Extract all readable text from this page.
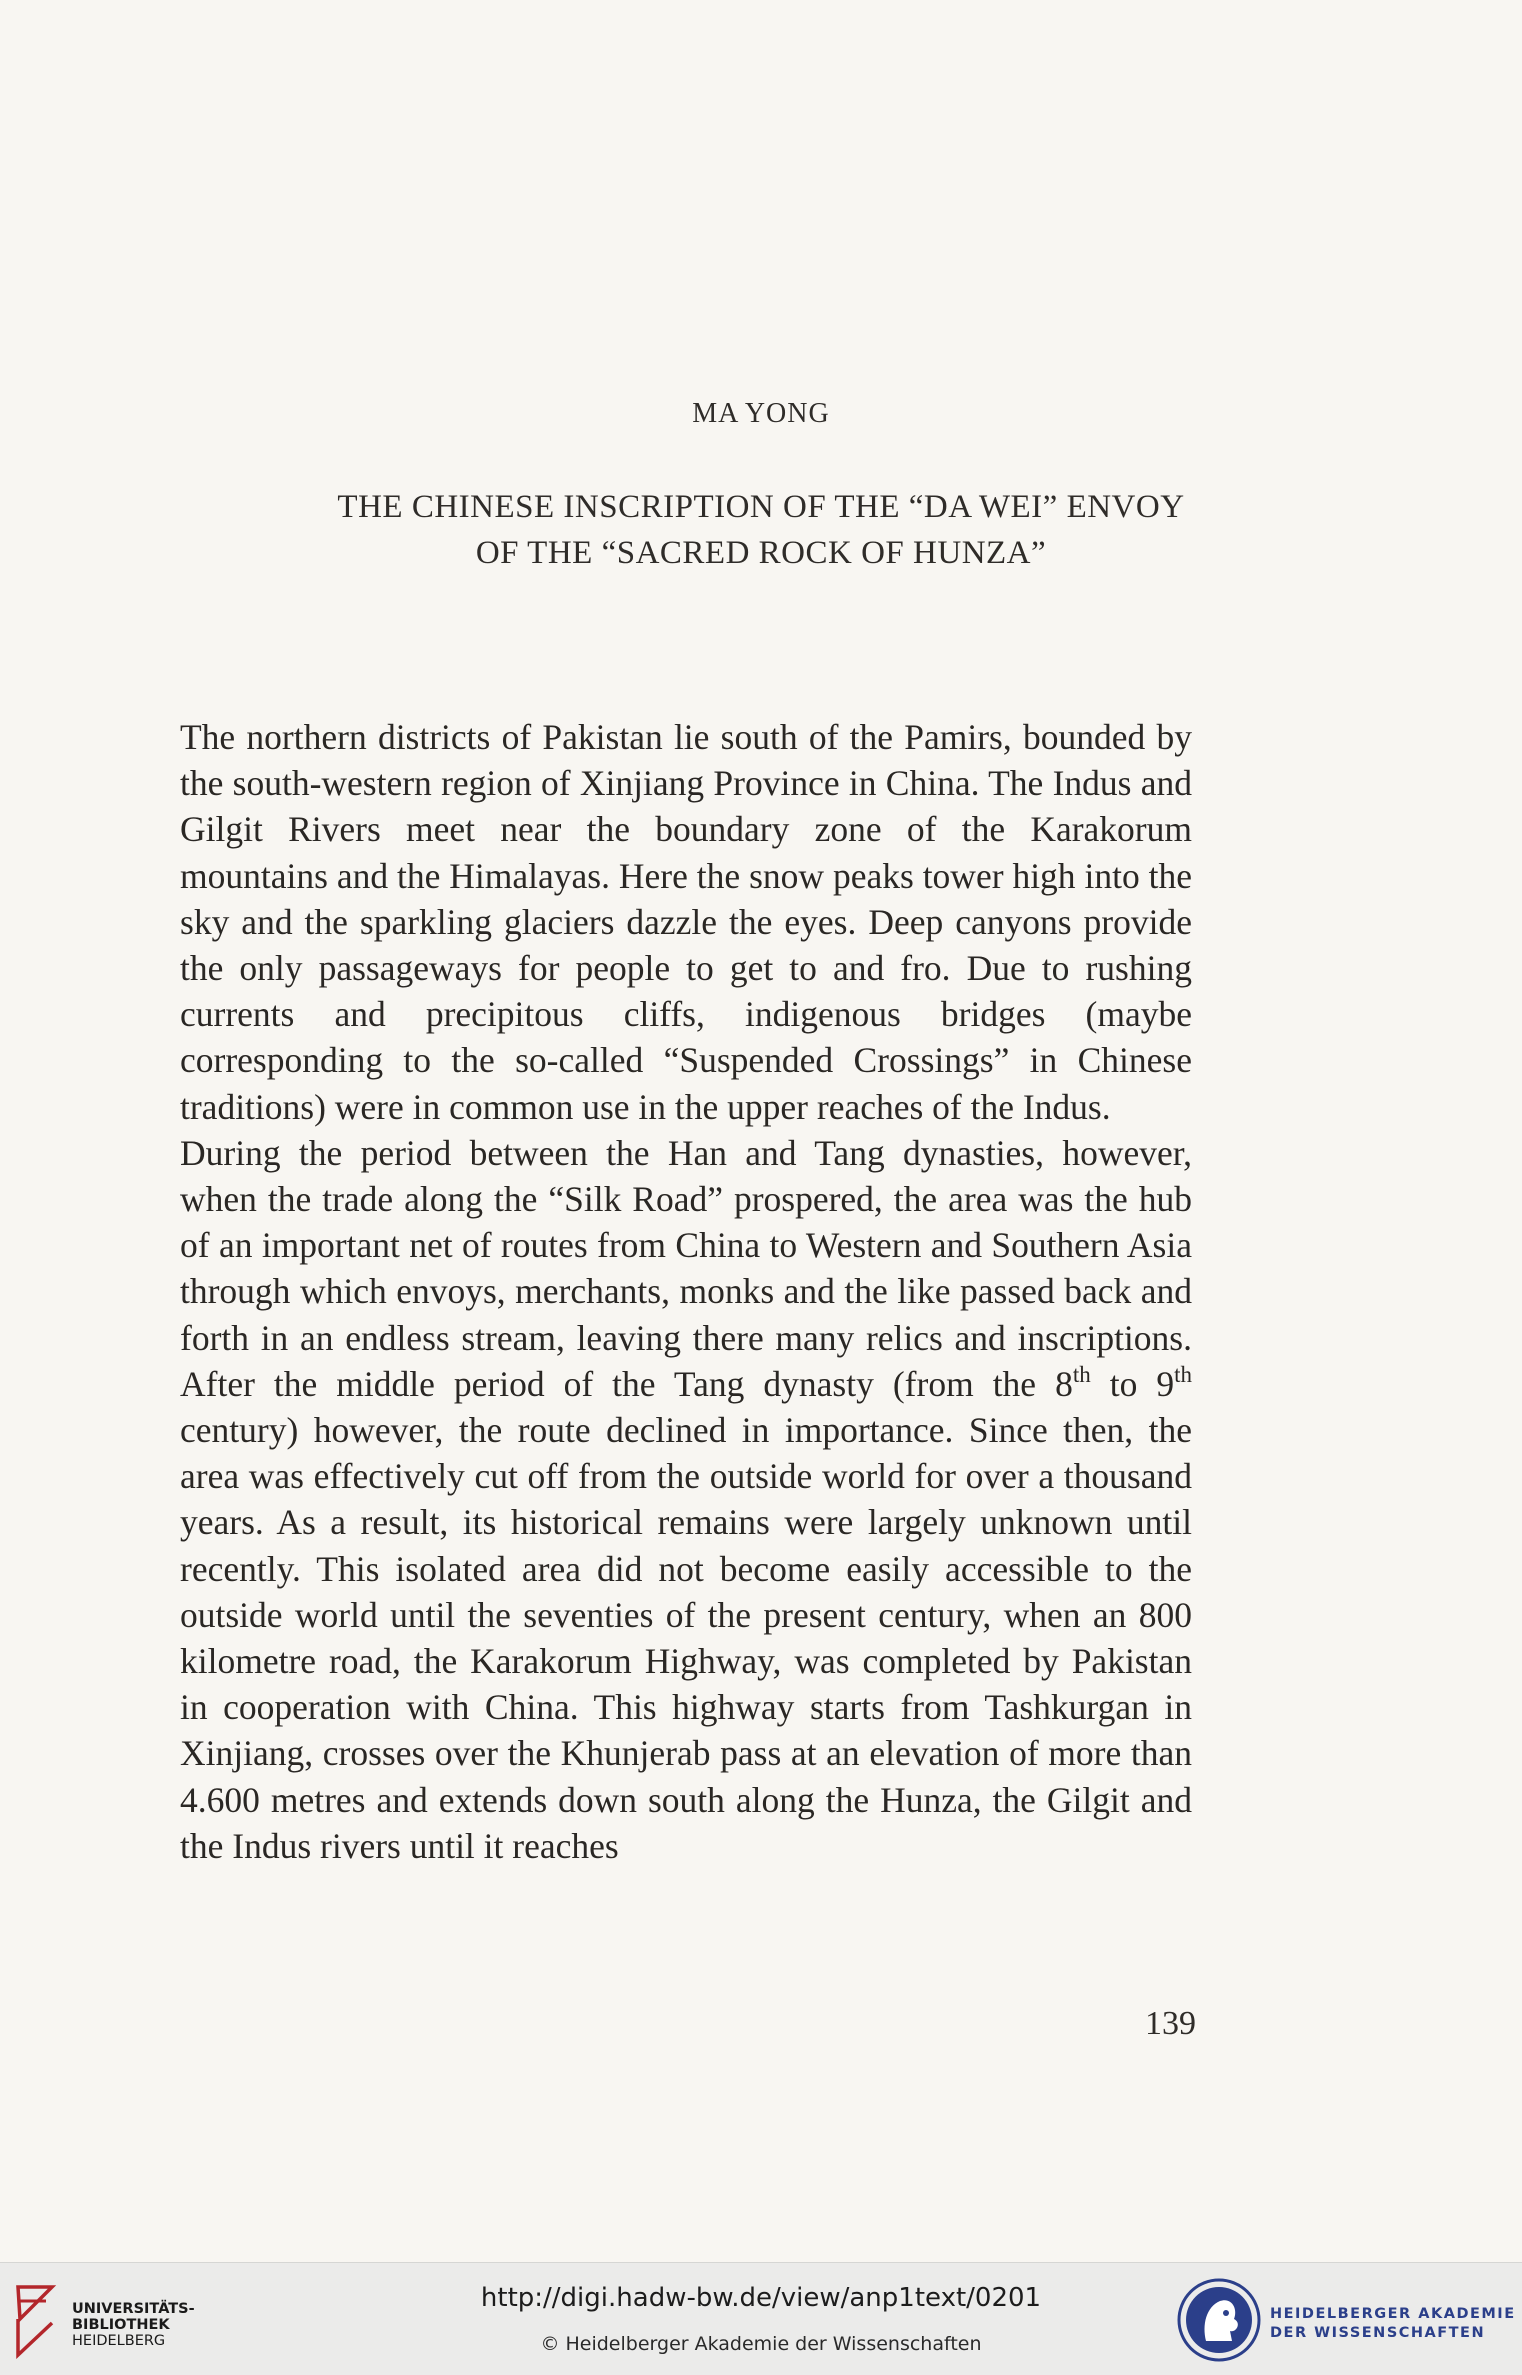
MA YONG
THE CHINESE INSCRIPTION OF THE “DA WEI” ENVOY
OF THE “SACRED ROCK OF HUNZA”

The northern districts of Pakistan lie south of the Pamirs, bounded by the south-western region of Xinjiang Province in China. The Indus and Gilgit Rivers meet near the boundary zone of the Karakorum mountains and the Himalayas. Here the snow peaks tower high into the sky and the sparkling glaciers dazzle the eyes. Deep canyons provide the only passageways for people to get to and fro. Due to rushing currents and precipitous cliffs, indigenous bridges (maybe corresponding to the so-called “Suspended Crossings” in Chinese traditions) were in common use in the upper reaches of the Indus.

During the period between the Han and Tang dynasties, however, when the trade along the “Silk Road” prospered, the area was the hub of an important net of routes from China to Western and Southern Asia through which envoys, merchants, monks and the like passed back and forth in an endless stream, leaving there many relics and inscriptions. After the middle period of the Tang dynasty (from the 8th to 9th century) however, the route declined in importance. Since then, the area was effectively cut off from the outside world for over a thousand years. As a result, its historical remains were largely unknown until recently. This isolated area did not become easily accessible to the outside world until the seventies of the present century, when an 800 kilometre road, the Karakorum Highway, was completed by Pakistan in cooperation with China. This highway starts from Tashkurgan in Xinjiang, crosses over the Khunjerab pass at an elevation of more than 4.600 metres and extends down south along the Hunza, the Gilgit and the Indus rivers until it reaches

139
UNIVERSITÄTS-
BIBLIOTHEK
HEIDELBERG
http://digi.hadw-bw.de/view/anp1text/0201
© Heidelberger Akademie der Wissenschaften
HEIDELBERGER AKADEMIE
DER WISSENSCHAFTEN
